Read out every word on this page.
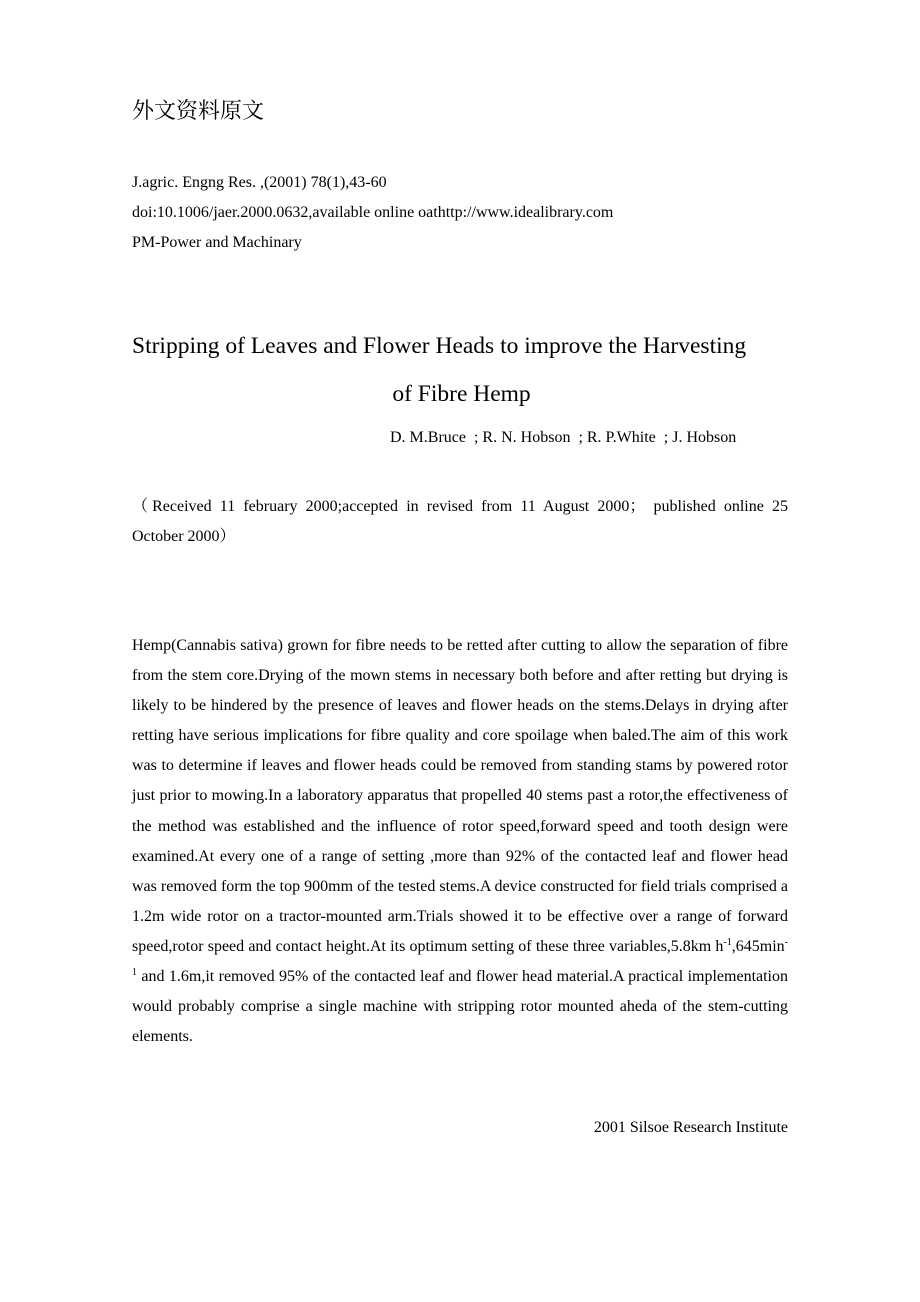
外文资料原文
J.agric. Engng Res. ,(2001) 78(1),43-60
doi:10.1006/jaer.2000.0632,available online oathttp://www.idealibrary.com
PM-Power and Machinary
Stripping of Leaves and Flower Heads to improve the Harvesting
of Fibre Hemp
D. M.Bruce  ; R. N. Hobson  ; R. P.White  ; J. Hobson
（Received 11 february 2000;accepted in revised from 11 August 2000； published online 25 October 2000）

Hemp(Cannabis sativa) grown for fibre needs to be retted after cutting to allow the separation of fibre from the stem core.Drying of the mown stems in necessary both before and after retting but drying is likely to be hindered by the presence of leaves and flower heads on the stems.Delays in drying after retting have serious implications for fibre quality and core spoilage when baled.The aim of this work was to determine if leaves and flower heads could be removed from standing stams by powered rotor just prior to mowing.In a laboratory apparatus that propelled 40 stems past a rotor,the effectiveness of the method was established and the influence of rotor speed,forward speed and tooth design were examined.At every one of a range of setting ,more than 92% of the contacted leaf and flower head was removed form the top 900mm of the tested stems.A device constructed for field trials comprised a 1.2m wide rotor on a tractor-mounted arm.Trials showed it to be effective over a range of forward speed,rotor speed and contact height.At its optimum setting of these three variables,5.8km $h^{-1},645\min^{-1}$ and 1.6m,it removed 95% of the contacted leaf and flower head material.A practical implementation would probably comprise a single machine with stripping rotor mounted aheda of the stem-cutting elements.

2001 Silsoe Research Institute
